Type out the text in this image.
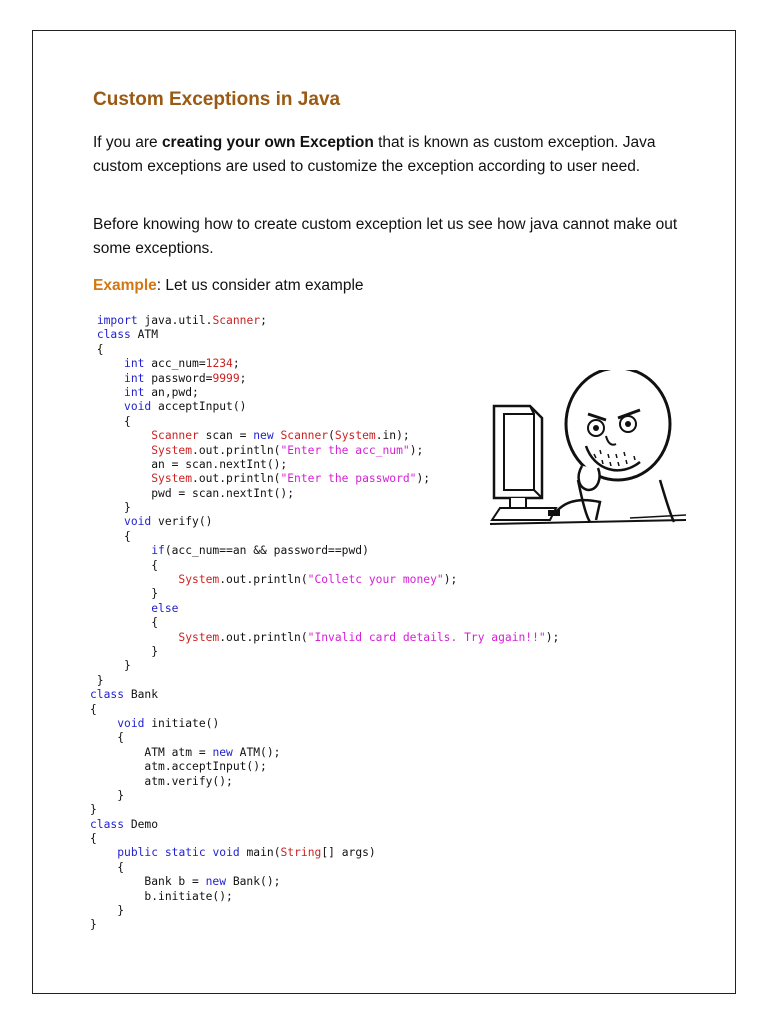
Custom Exceptions in Java
If you are creating your own Exception that is known as custom exception. Java custom exceptions are used to customize the exception according to user need.
Before knowing how to create custom exception let us see how java cannot make out some exceptions.
Example: Let us consider atm example
import java.util.Scanner;
class ATM
{
int acc_num=1234;
int password=9999;
int an,pwd;
void acceptInput()
{
Scanner scan = new Scanner(System.in);
System.out.println("Enter the acc_num");
an = scan.nextInt();
System.out.println("Enter the password");
pwd = scan.nextInt();
}
void verify()
{
if(acc_num==an && password==pwd)
{
System.out.println("Colletc your money");
}
else
{
System.out.println("Invalid card details. Try again!!");
}
}
}
class Bank
{
void initiate()
{
ATM atm = new ATM();
atm.acceptInput();
atm.verify();
}
}
class Demo
{
public static void main(String[] args)
{
Bank b = new Bank();
b.initiate();
}
}
